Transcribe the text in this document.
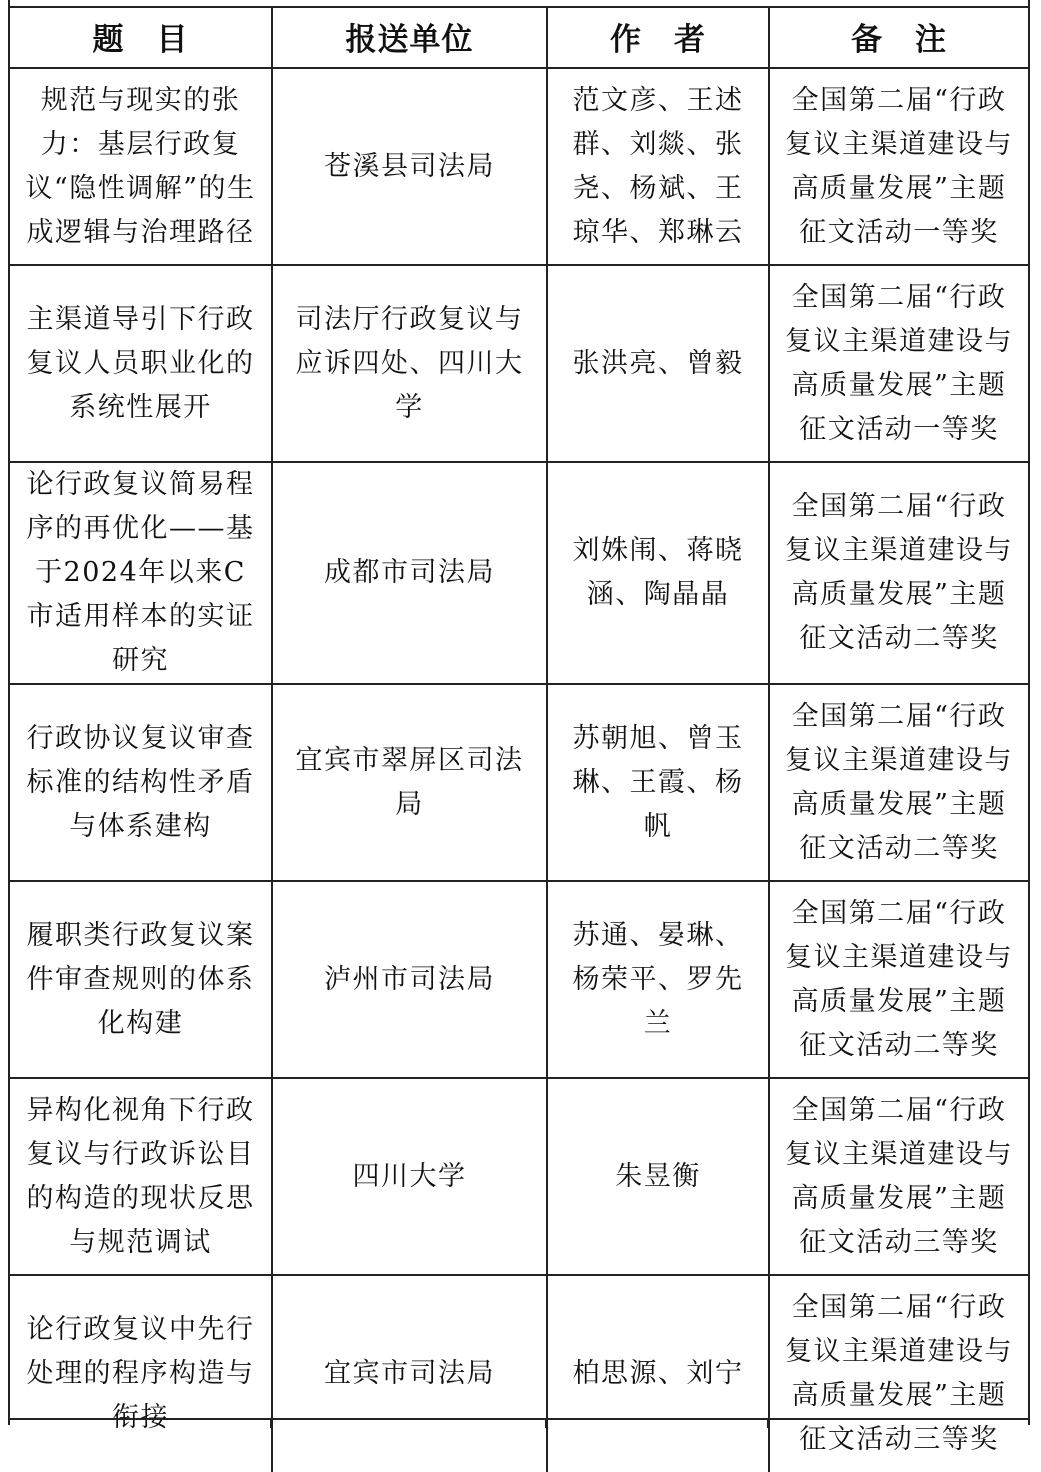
题　目	报送单位	作　者	备　注

规范与现实的张力：基层行政复议“隐性调解”的生成逻辑与治理路径	苍溪县司法局	范文彦、王述群、刘燚、张尧、杨斌、王琼华、郑琳云	全国第二届“行政复议主渠道建设与高质量发展”主题征文活动一等奖

主渠道导引下行政复议人员职业化的系统性展开	司法厅行政复议与应诉四处、四川大学	张洪亮、曾毅	全国第二届“行政复议主渠道建设与高质量发展”主题征文活动一等奖

论行政复议简易程序的再优化——基于2024年以来C市适用样本的实证研究	成都市司法局	刘姝闱、蒋晓涵、陶晶晶	全国第二届“行政复议主渠道建设与高质量发展”主题征文活动二等奖

行政协议复议审查标准的结构性矛盾与体系建构	宜宾市翠屏区司法局	苏朝旭、曾玉琳、王霞、杨帆	全国第二届“行政复议主渠道建设与高质量发展”主题征文活动二等奖

履职类行政复议案件审查规则的体系化构建	泸州市司法局	苏通、晏琳、杨荣平、罗先兰	全国第二届“行政复议主渠道建设与高质量发展”主题征文活动二等奖

异构化视角下行政复议与行政诉讼目的构造的现状反思与规范调试	四川大学	朱昱衡	全国第二届“行政复议主渠道建设与高质量发展”主题征文活动三等奖

论行政复议中先行处理的程序构造与衔接	宜宾市司法局	柏思源、刘宁	全国第二届“行政复议主渠道建设与高质量发展”主题征文活动三等奖
